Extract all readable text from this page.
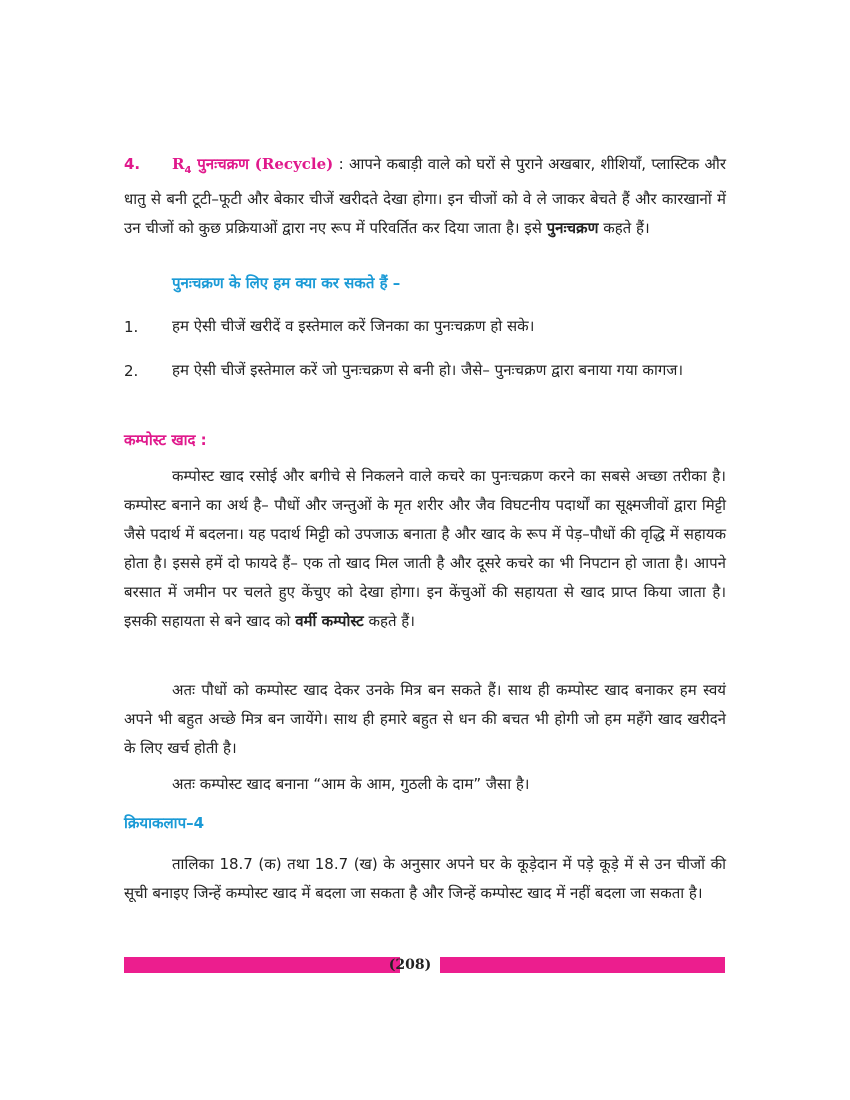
4. $R_4$ पुनःचक्रण (Recycle) : आपने कबाड़ी वाले को घरों से पुराने अखबार, शीशियाँ, प्लास्टिक और धातु से बनी टूटी–फूटी और बेकार चीजें खरीदते देखा होगा। इन चीजों को वे ले जाकर बेचते हैं और कारखानों में उन चीजों को कुछ प्रक्रियाओं द्वारा नए रूप में परिवर्तित कर दिया जाता है। इसे पुनःचक्रण कहते हैं।

पुनःचक्रण के लिए हम क्या कर सकते हैं –
1. हम ऐसी चीजें खरीदें व इस्तेमाल करें जिनका का पुनःचक्रण हो सके।

2. हम ऐसी चीजें इस्तेमाल करें जो पुनःचक्रण से बनी हो। जैसे– पुनःचक्रण द्वारा बनाया गया कागज।

कम्पोस्ट खाद :

कम्पोस्ट खाद रसोई और बगीचे से निकलने वाले कचरे का पुनःचक्रण करने का सबसे अच्छा तरीका है। कम्पोस्ट बनाने का अर्थ है– पौधों और जन्तुओं के मृत शरीर और जैव विघटनीय पदार्थों का सूक्ष्मजीवों द्वारा मिट्टी जैसे पदार्थ में बदलना। यह पदार्थ मिट्टी को उपजाऊ बनाता है और खाद के रूप में पेड़–पौधों की वृद्धि में सहायक होता है। इससे हमें दो फायदे हैं– एक तो खाद मिल जाती है और दूसरे कचरे का भी निपटान हो जाता है। आपने बरसात में जमीन पर चलते हुए केंचुए को देखा होगा। इन केंचुओं की सहायता से खाद प्राप्त किया जाता है। इसकी सहायता से बने खाद को वर्मी कम्पोस्ट कहते हैं।

अतः पौधों को कम्पोस्ट खाद देकर उनके मित्र बन सकते हैं। साथ ही कम्पोस्ट खाद बनाकर हम स्वयं अपने भी बहुत अच्छे मित्र बन जायेंगे। साथ ही हमारे बहुत से धन की बचत भी होगी जो हम महँगे खाद खरीदने के लिए खर्च होती है।

अतः कम्पोस्ट खाद बनाना “आम के आम, गुठली के दाम” जैसा है।

क्रियाकलाप–4

तालिका 18.7 (क) तथा 18.7 (ख) के अनुसार अपने घर के कूड़ेदान में पड़े कूड़े में से उन चीजों की सूची बनाइए जिन्हें कम्पोस्ट खाद में बदला जा सकता है और जिन्हें कम्पोस्ट खाद में नहीं बदला जा सकता है।

(208)
